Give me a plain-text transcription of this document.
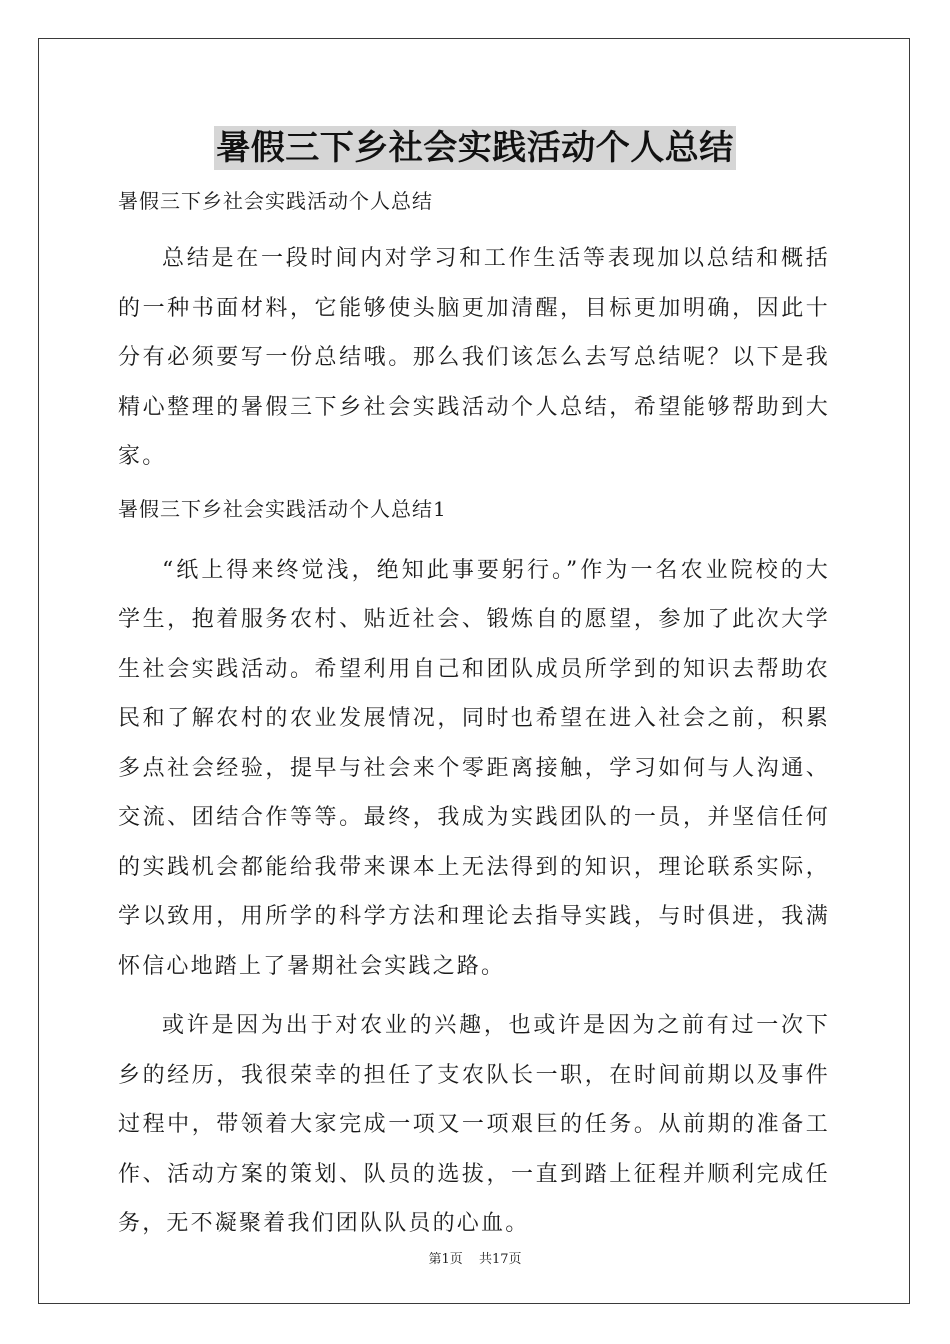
暑假三下乡社会实践活动个人总结

暑假三下乡社会实践活动个人总结

总结是在一段时间内对学习和工作生活等表现加以总结和概括的一种书面材料，它能够使头脑更加清醒，目标更加明确，因此十分有必须要写一份总结哦。那么我们该怎么去写总结呢？以下是我精心整理的暑假三下乡社会实践活动个人总结，希望能够帮助到大家。

暑假三下乡社会实践活动个人总结1

“纸上得来终觉浅，绝知此事要躬行。”作为一名农业院校的大学生，抱着服务农村、贴近社会、锻炼自的愿望，参加了此次大学生社会实践活动。希望利用自己和团队成员所学到的知识去帮助农民和了解农村的农业发展情况，同时也希望在进入社会之前，积累多点社会经验，提早与社会来个零距离接触，学习如何与人沟通、交流、团结合作等等。最终，我成为实践团队的一员，并坚信任何的实践机会都能给我带来课本上无法得到的知识，理论联系实际，学以致用，用所学的科学方法和理论去指导实践，与时俱进，我满怀信心地踏上了暑期社会实践之路。

或许是因为出于对农业的兴趣，也或许是因为之前有过一次下乡的经历，我很荣幸的担任了支农队长一职，在时间前期以及事件过程中，带领着大家完成一项又一项艰巨的任务。从前期的准备工作、活动方案的策划、队员的选拔，一直到踏上征程并顺利完成任务，无不凝聚着我们团队队员的心血。

第1页 共17页
